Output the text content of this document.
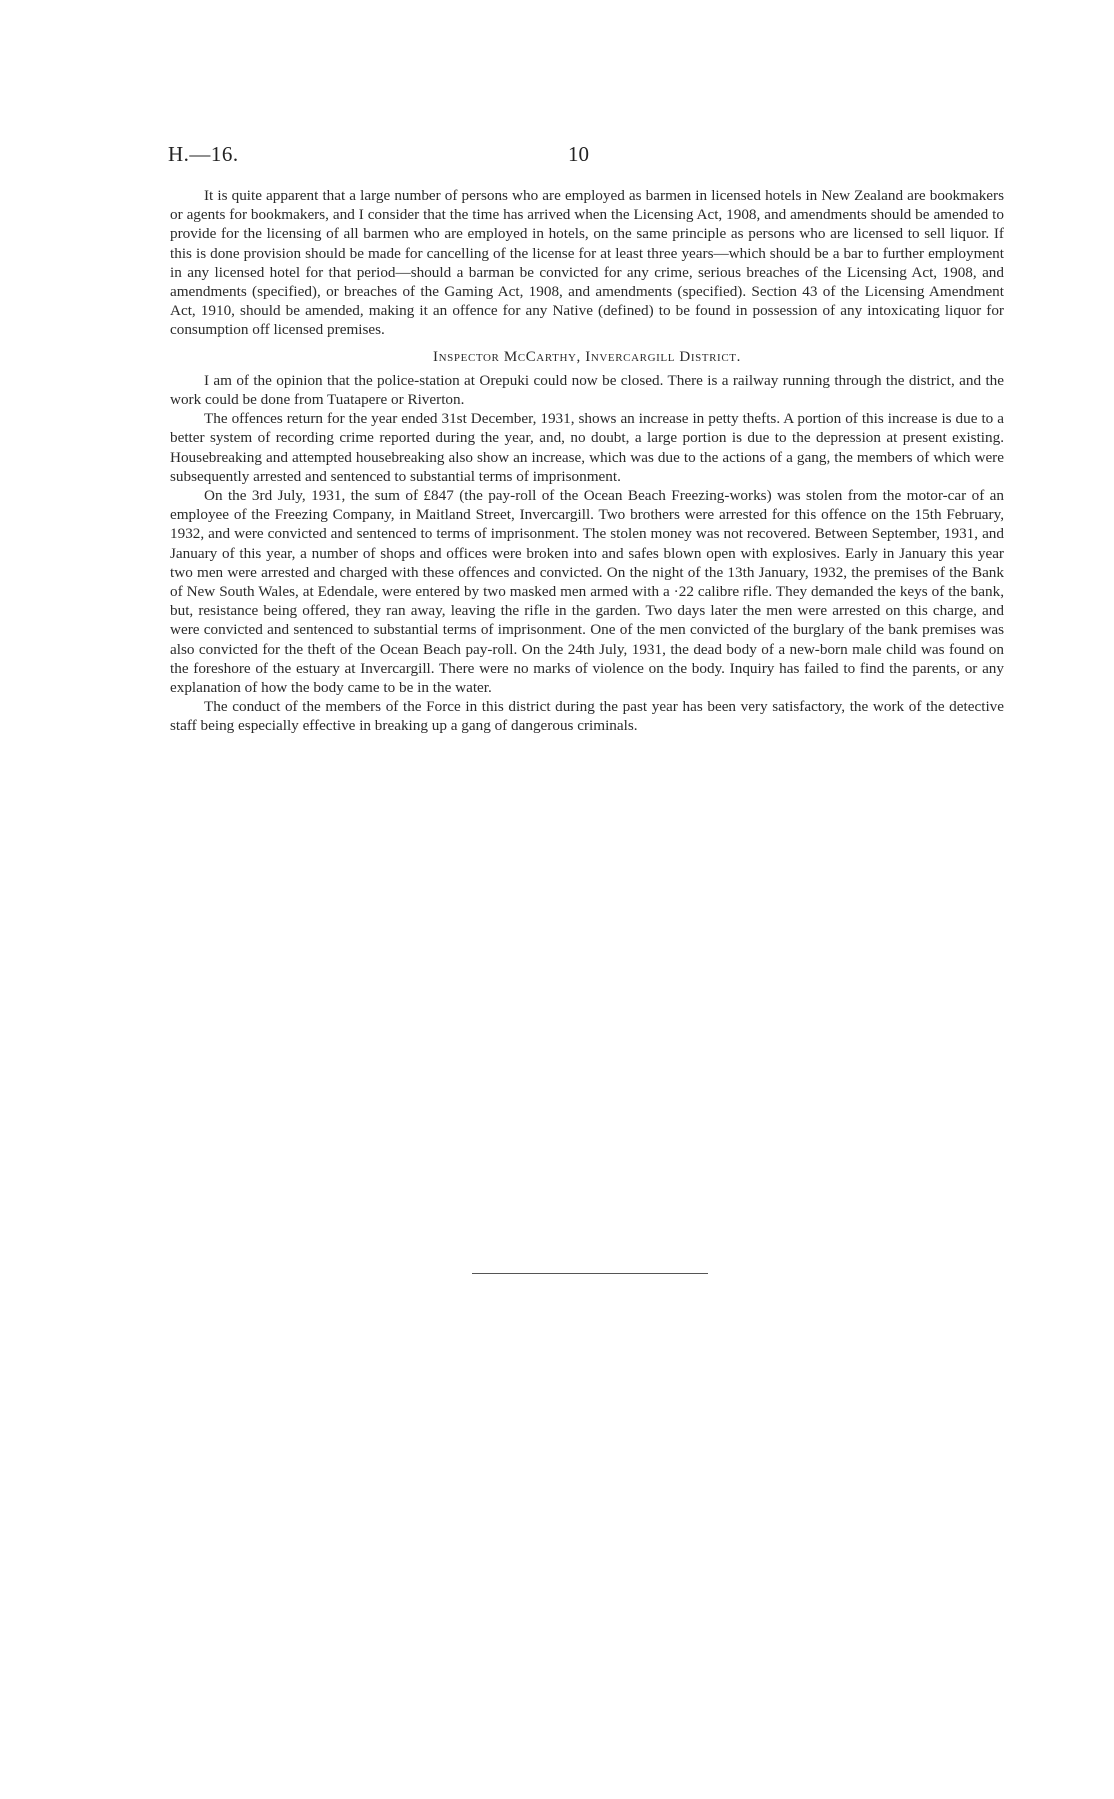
H.—16.	10

It is quite apparent that a large number of persons who are employed as barmen in licensed hotels in New Zealand are bookmakers or agents for bookmakers, and I consider that the time has arrived when the Licensing Act, 1908, and amendments should be amended to provide for the licensing of all barmen who are employed in hotels, on the same principle as persons who are licensed to sell liquor. If this is done provision should be made for cancelling of the license for at least three years—which should be a bar to further employment in any licensed hotel for that period—should a barman be convicted for any crime, serious breaches of the Licensing Act, 1908, and amendments (specified), or breaches of the Gaming Act, 1908, and amendments (specified). Section 43 of the Licensing Amendment Act, 1910, should be amended, making it an offence for any Native (defined) to be found in possession of any intoxicating liquor for consumption off licensed premises.

Inspector McCarthy, Invercargill District.

I am of the opinion that the police-station at Orepuki could now be closed. There is a railway running through the district, and the work could be done from Tuatapere or Riverton.

The offences return for the year ended 31st December, 1931, shows an increase in petty thefts. A portion of this increase is due to a better system of recording crime reported during the year, and, no doubt, a large portion is due to the depression at present existing. Housebreaking and attempted housebreaking also show an increase, which was due to the actions of a gang, the members of which were subsequently arrested and sentenced to substantial terms of imprisonment.

On the 3rd July, 1931, the sum of £847 (the pay-roll of the Ocean Beach Freezing-works) was stolen from the motor-car of an employee of the Freezing Company, in Maitland Street, Invercargill. Two brothers were arrested for this offence on the 15th February, 1932, and were convicted and sentenced to terms of imprisonment. The stolen money was not recovered. Between September, 1931, and January of this year, a number of shops and offices were broken into and safes blown open with explosives. Early in January this year two men were arrested and charged with these offences and convicted. On the night of the 13th January, 1932, the premises of the Bank of New South Wales, at Edendale, were entered by two masked men armed with a ·22 calibre rifle. They demanded the keys of the bank, but, resistance being offered, they ran away, leaving the rifle in the garden. Two days later the men were arrested on this charge, and were convicted and sentenced to substantial terms of imprisonment. One of the men convicted of the burglary of the bank premises was also convicted for the theft of the Ocean Beach pay-roll. On the 24th July, 1931, the dead body of a new-born male child was found on the foreshore of the estuary at Invercargill. There were no marks of violence on the body. Inquiry has failed to find the parents, or any explanation of how the body came to be in the water.

The conduct of the members of the Force in this district during the past year has been very satisfactory, the work of the detective staff being especially effective in breaking up a gang of dangerous criminals.
